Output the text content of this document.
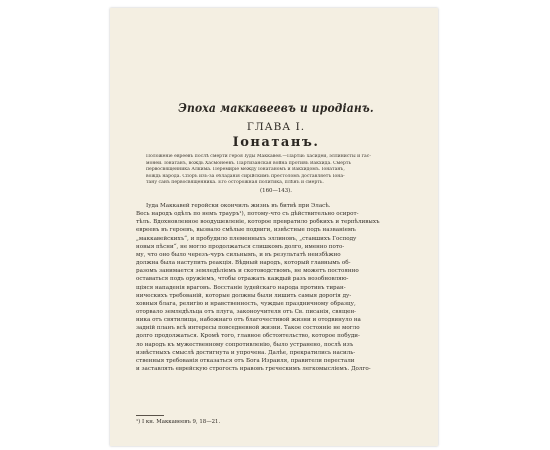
Эпоха маккавеевъ и иродіанъ.
ГЛАВА I.
Іонатанъ.
Положеніе евреевъ послѣ смерти героя Іуды Маккавея.—Партіи: хасидеи, эллинисты и гас-
монеи. Іонатанъ, вождь Хасмонеевъ. Партизанская война противъ Вакхида. Смерть
первосвященника Алкима. Перемиріе между Іонатаномъ и Вакхидомъ. Іонатанъ,
вождь народа. Споръ изъ-за обладанія сирійскимъ престоломъ доставляетъ Іона-
тану санъ первосвященника. Его осторожная политика, плѣнъ и смерть.
(160—143).
Іуда Маккавей геройски окончилъ жизнь въ битвѣ при Эласѣ.
Весь народъ одѣлъ по немъ трауръ¹), потому-что съ дѣйствительно осирот-
тѣлъ. Вдохновленное воодушевленіе, которое превратило робкихъ и терпѣливыхъ
евреевъ въ героевъ, вызвало смѣлые подвиги, извѣстные подъ названіемъ
„маккавейскихъ“, и пробудило племенныхъ эллиновъ, „ставшихъ Господу
новыя пѣсни“, не могло продолжаться слишкомъ долго, именно пото-
му, что оно было черезъ-чуръ сильнымъ, и въ результатѣ неизбѣжно
должна была наступить реакція. Вѣдный народъ, который главнымъ об-
разомъ занимается земледѣліемъ и скотоводствомъ, не можетъ постоянно
оставаться подъ оружіемъ, чтобы отражать каждый разъ возобновляю-
щіяся нападенія враговъ. Восстаніе іудейскаго народа противъ тиран-
ническихъ требованій, которые должны были лишить самыя дорогія ду-
ховныя блага, религію и нравственность, чуждые праздничному образцу,
оторвало земледѣльца отъ плуга, законоучителя отъ Св. писанія, священ-
ника отъ святилища, набожнаго отъ благочестивой жизни и отодвинуло на
задній планъ всѣ интересы повседневной жизни. Такое состояніе не могло
долго продолжаться. Кромѣ того, главное обстоятельство, которое побуди-
ло народъ къ мужественному сопротивленію, было устранено, послѣ изъ
извѣстныхъ смыслѣ достигнута и упрочена. Далѣе, прекратились насиль-
ственныя требованія отказаться отъ Бога Израиля, правители перестали
и заставлять еврейскую строгость нравовъ греческимъ легкомысліемъ. Долго-
¹) І кн. Маккавеевъ 9, 18—21.
